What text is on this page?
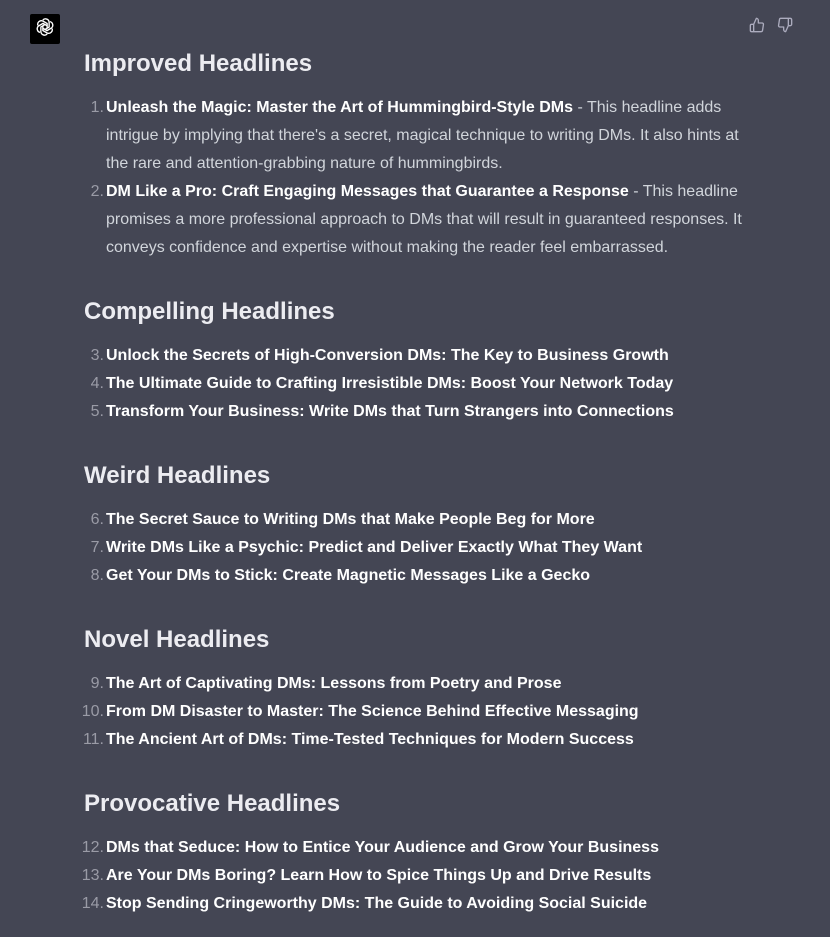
Improved Headlines
1. Unleash the Magic: Master the Art of Hummingbird-Style DMs - This headline adds intrigue by implying that there's a secret, magical technique to writing DMs. It also hints at the rare and attention-grabbing nature of hummingbirds.
2. DM Like a Pro: Craft Engaging Messages that Guarantee a Response - This headline promises a more professional approach to DMs that will result in guaranteed responses. It conveys confidence and expertise without making the reader feel embarrassed.
Compelling Headlines
3. Unlock the Secrets of High-Conversion DMs: The Key to Business Growth
4. The Ultimate Guide to Crafting Irresistible DMs: Boost Your Network Today
5. Transform Your Business: Write DMs that Turn Strangers into Connections
Weird Headlines
6. The Secret Sauce to Writing DMs that Make People Beg for More
7. Write DMs Like a Psychic: Predict and Deliver Exactly What They Want
8. Get Your DMs to Stick: Create Magnetic Messages Like a Gecko
Novel Headlines
9. The Art of Captivating DMs: Lessons from Poetry and Prose
10. From DM Disaster to Master: The Science Behind Effective Messaging
11. The Ancient Art of DMs: Time-Tested Techniques for Modern Success
Provocative Headlines
12. DMs that Seduce: How to Entice Your Audience and Grow Your Business
13. Are Your DMs Boring? Learn How to Spice Things Up and Drive Results
14. Stop Sending Cringeworthy DMs: The Guide to Avoiding Social Suicide
